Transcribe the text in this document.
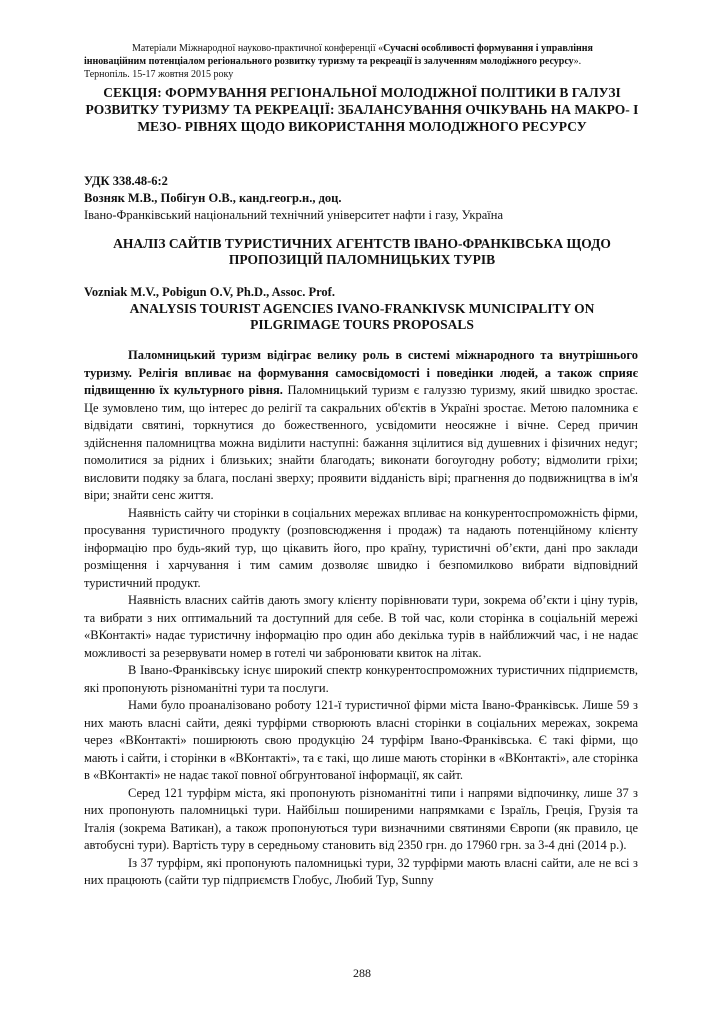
Матеріали Міжнародної науково-практичної конференції «Сучасні особливості формування і управління
інноваційним потенціалом регіонального розвитку туризму та рекреації із залученням молодіжного ресурсу».
Тернопіль. 15-17 жовтня 2015 року
СЕКЦІЯ: ФОРМУВАННЯ РЕГІОНАЛЬНОЇ МОЛОДІЖНОЇ ПОЛІТИКИ В ГАЛУЗІ РОЗВИТКУ ТУРИЗМУ ТА РЕКРЕАЦІЇ: ЗБАЛАНСУВАННЯ ОЧІКУВАНЬ НА МАКРО- І МЕЗО- РІВНЯХ ЩОДО ВИКОРИСТАННЯ МОЛОДІЖНОГО РЕСУРСУ
УДК 338.48-6:2
Возняк М.В., Побігун О.В., канд.геогр.н., доц.
Івано-Франківський національний технічний університет нафти і газу, Україна
АНАЛІЗ САЙТІВ ТУРИСТИЧНИХ АГЕНТСТВ ІВАНО-ФРАНКІВСЬКА ЩОДО ПРОПОЗИЦІЙ ПАЛОМНИЦЬКИХ ТУРІВ
Vozniak M.V., Pobigun O.V, Ph.D., Assoc. Prof.
ANALYSIS TOURIST AGENCIES IVANO-FRANKIVSK MUNICIPALITY ON PILGRIMAGE TOURS PROPOSALS

Паломницький туризм відіграє велику роль в системі міжнародного та внутрішнього туризму. Релігія впливає на формування самосвідомості і поведінки людей, а також сприяє підвищенню їх культурного рівня. Паломницький туризм є галуззю туризму, який швидко зростає. Це зумовлено тим, що інтерес до релігії та сакральних об'єктів в Україні зростає. Метою паломника є відвідати святині, торкнутися до божественного, усвідомити неосяжне і вічне. Серед причин здійснення паломництва можна виділити наступні: бажання зцілитися від душевних і фізичних недуг; помолитися за рідних і близьких; знайти благодать; виконати богоугодну роботу; відмолити гріхи; висловити подяку за блага, послані зверху; проявити відданість вірі; прагнення до подвижництва в ім'я віри; знайти сенс життя.

Наявність сайту чи сторінки в соціальних мережах впливає на конкурентоспроможність фірми, просування туристичного продукту (розповсюдження і продаж) та надають потенційному клієнту інформацію про будь-який тур, що цікавить його, про країну, туристичні об’єкти, дані про заклади розміщення і харчування і тим самим дозволяє швидко і безпомилково вибрати відповідний туристичний продукт.

Наявність власних сайтів дають змогу клієнту порівнювати тури, зокрема об’єкти і ціну турів, та вибрати з них оптимальний та доступний для себе. В той час, коли сторінка в соціальній мережі «ВКонтакті» надає туристичну інформацію про один або декілька турів в найближчий час, і не надає можливості за резервувати номер в готелі чи забронювати квиток на літак.

В Івано-Франківську існує широкий спектр конкурентоспроможних туристичних підприємств, які пропонують різноманітні тури та послуги.

Нами було проаналізовано роботу 121-ї туристичної фірми міста Івано-Франківськ. Лише 59 з них мають власні сайти, деякі турфірми створюють власні сторінки в соціальних мережах, зокрема через «ВКонтакті» поширюють свою продукцію 24 турфірм Івано-Франківська. Є такі фірми, що мають і сайти, і сторінки в «ВКонтакті», та є такі, що лише мають сторінки в «ВКонтакті», але сторінка в «ВКонтакті» не надає такої повної обгрунтованої інформації, як сайт.

Серед 121 турфірм міста, які пропонують різноманітні типи і напрями відпочинку, лише 37 з них пропонують паломницькі тури. Найбільш поширеними напрямками є Ізраїль, Греція, Грузія та Італія (зокрема Ватикан), а також пропонуються тури визначними святинями Європи (як правило, це автобусні тури). Вартість туру в середньому становить від 2350 грн. до 17960 грн. за 3-4 дні (2014 р.).

Із 37 турфірм, які пропонують паломницькі тури, 32 турфірми мають власні сайти, але не всі з них працюють (сайти тур підприємств Глобус, Любий Тур, Sunny

288
